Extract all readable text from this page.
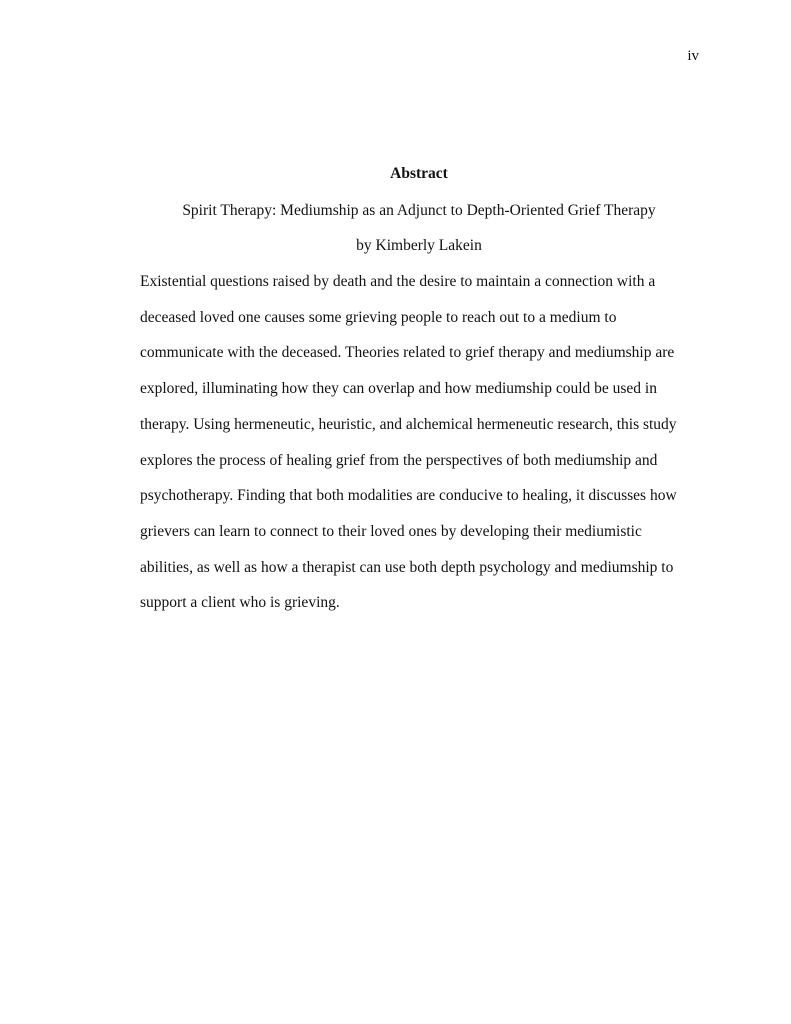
iv
Abstract
Spirit Therapy: Mediumship as an Adjunct to Depth-Oriented Grief Therapy
by Kimberly Lakein

Existential questions raised by death and the desire to maintain a connection with a deceased loved one causes some grieving people to reach out to a medium to communicate with the deceased. Theories related to grief therapy and mediumship are explored, illuminating how they can overlap and how mediumship could be used in therapy. Using hermeneutic, heuristic, and alchemical hermeneutic research, this study explores the process of healing grief from the perspectives of both mediumship and psychotherapy. Finding that both modalities are conducive to healing, it discusses how grievers can learn to connect to their loved ones by developing their mediumistic abilities, as well as how a therapist can use both depth psychology and mediumship to support a client who is grieving.
